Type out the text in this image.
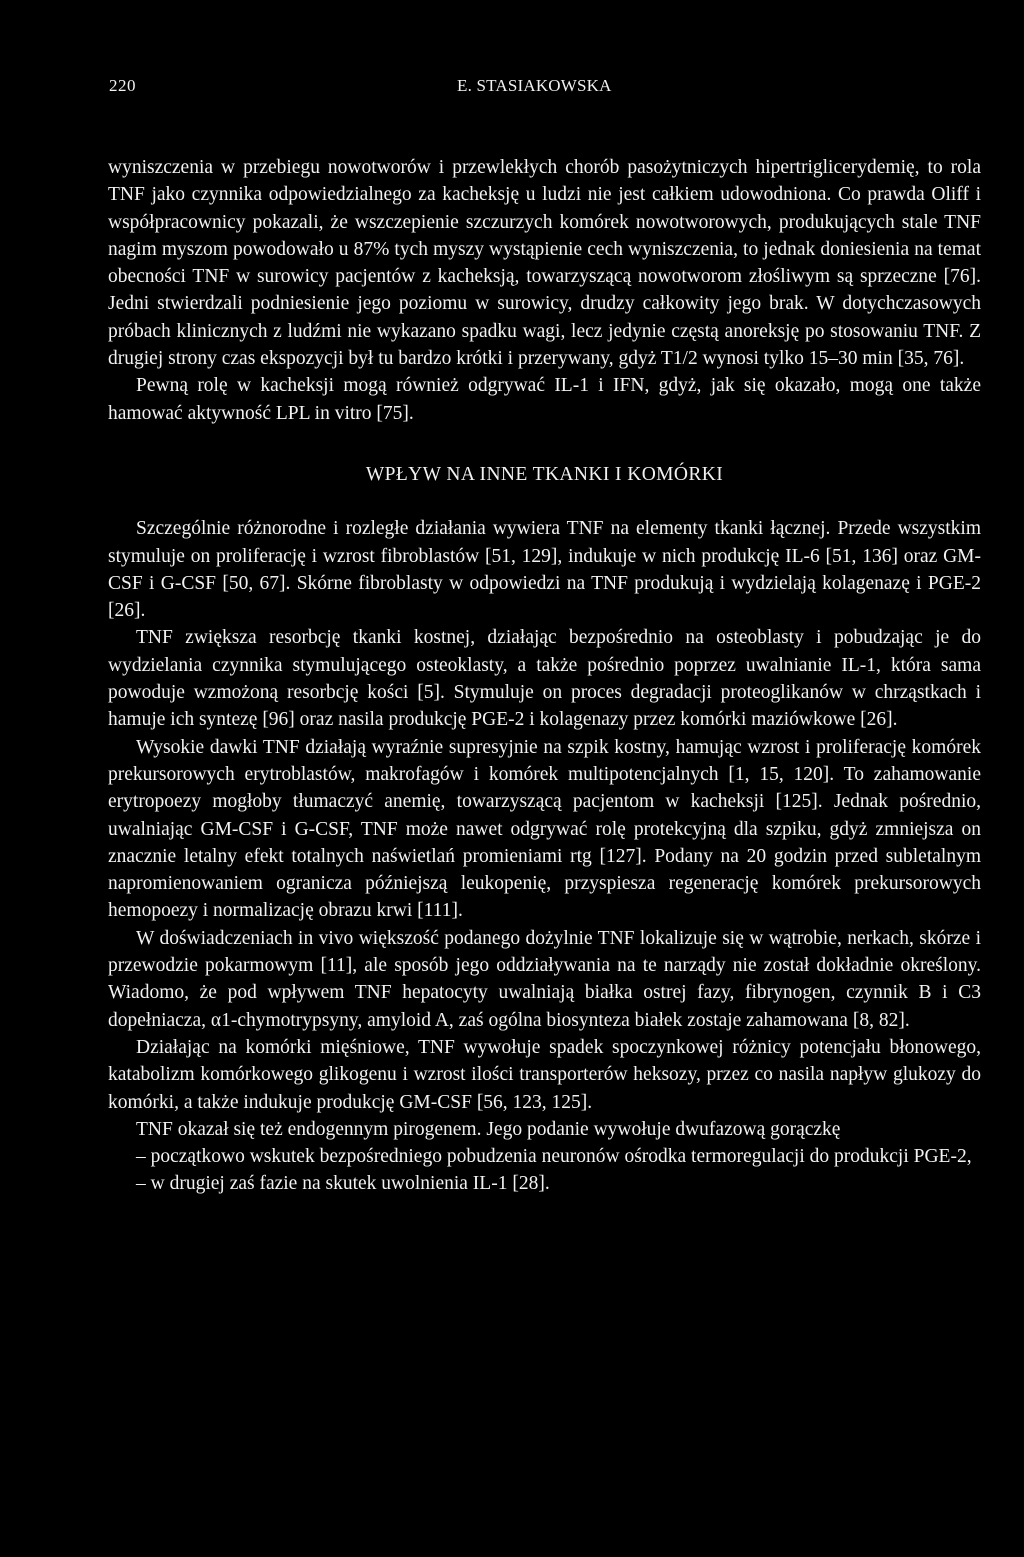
220	E. STASIAKOWSKA

wyniszczenia w przebiegu nowotworów i przewlekłych chorób pasożytniczych hipertriglicerydemię, to rola TNF jako czynnika odpowiedzialnego za kacheksję u ludzi nie jest całkiem udowodniona. Co prawda Oliff i współpracownicy pokazali, że wszczepienie szczurzych komórek nowotworowych, produkujących stale TNF nagim myszom powodowało u 87% tych myszy wystąpienie cech wyniszczenia, to jednak doniesienia na temat obecności TNF w surowicy pacjentów z kacheksją, towarzyszącą nowotworom złośliwym są sprzeczne [76]. Jedni stwierdzali podniesienie jego poziomu w surowicy, drudzy całkowity jego brak. W dotychczasowych próbach klinicznych z ludźmi nie wykazano spadku wagi, lecz jedynie częstą anoreksję po stosowaniu TNF. Z drugiej strony czas ekspozycji był tu bardzo krótki i przerywany, gdyż T1/2 wynosi tylko 15–30 min [35, 76].

Pewną rolę w kacheksji mogą również odgrywać IL-1 i IFN, gdyż, jak się okazało, mogą one także hamować aktywność LPL in vitro [75].

WPŁYW NA INNE TKANKI I KOMÓRKI

Szczególnie różnorodne i rozległe działania wywiera TNF na elementy tkanki łącznej. Przede wszystkim stymuluje on proliferację i wzrost fibroblastów [51, 129], indukuje w nich produkcję IL-6 [51, 136] oraz GM-CSF i G-CSF [50, 67]. Skórne fibroblasty w odpowiedzi na TNF produkują i wydzielają kolagenazę i PGE-2 [26].

TNF zwiększa resorbcję tkanki kostnej, działając bezpośrednio na osteoblasty i pobudzając je do wydzielania czynnika stymulującego osteoklasty, a także pośrednio poprzez uwalnianie IL-1, która sama powoduje wzmożoną resorbcję kości [5]. Stymuluje on proces degradacji proteoglikanów w chrząstkach i hamuje ich syntezę [96] oraz nasila produkcję PGE-2 i kolagenazy przez komórki maziówkowe [26].

Wysokie dawki TNF działają wyraźnie supresyjnie na szpik kostny, hamując wzrost i proliferację komórek prekursorowych erytroblastów, makrofagów i komórek multipotencjalnych [1, 15, 120]. To zahamowanie erytropoezy mogłoby tłumaczyć anemię, towarzyszącą pacjentom w kacheksji [125]. Jednak pośrednio, uwalniając GM-CSF i G-CSF, TNF może nawet odgrywać rolę protekcyjną dla szpiku, gdyż zmniejsza on znacznie letalny efekt totalnych naświetlań promieniami rtg [127]. Podany na 20 godzin przed subletalnym napromienowaniem ogranicza późniejszą leukopenię, przyspiesza regenerację komórek prekursorowych hemopoezy i normalizację obrazu krwi [111].

W doświadczeniach in vivo większość podanego dożylnie TNF lokalizuje się w wątrobie, nerkach, skórze i przewodzie pokarmowym [11], ale sposób jego oddziaływania na te narządy nie został dokładnie określony. Wiadomo, że pod wpływem TNF hepatocyty uwalniają białka ostrej fazy, fibrynogen, czynnik B i C3 dopełniacza, α1-chymotrypsyny, amyloid A, zaś ogólna biosynteza białek zostaje zahamowana [8, 82].

Działając na komórki mięśniowe, TNF wywołuje spadek spoczynkowej różnicy potencjału błonowego, katabolizm komórkowego glikogenu i wzrost ilości transporterów heksozy, przez co nasila napływ glukozy do komórki, a także indukuje produkcję GM-CSF [56, 123, 125].

TNF okazał się też endogennym pirogenem. Jego podanie wywołuje dwufazową gorączkę

– początkowo wskutek bezpośredniego pobudzenia neuronów ośrodka termoregulacji do produkcji PGE-2,

– w drugiej zaś fazie na skutek uwolnienia IL-1 [28].
